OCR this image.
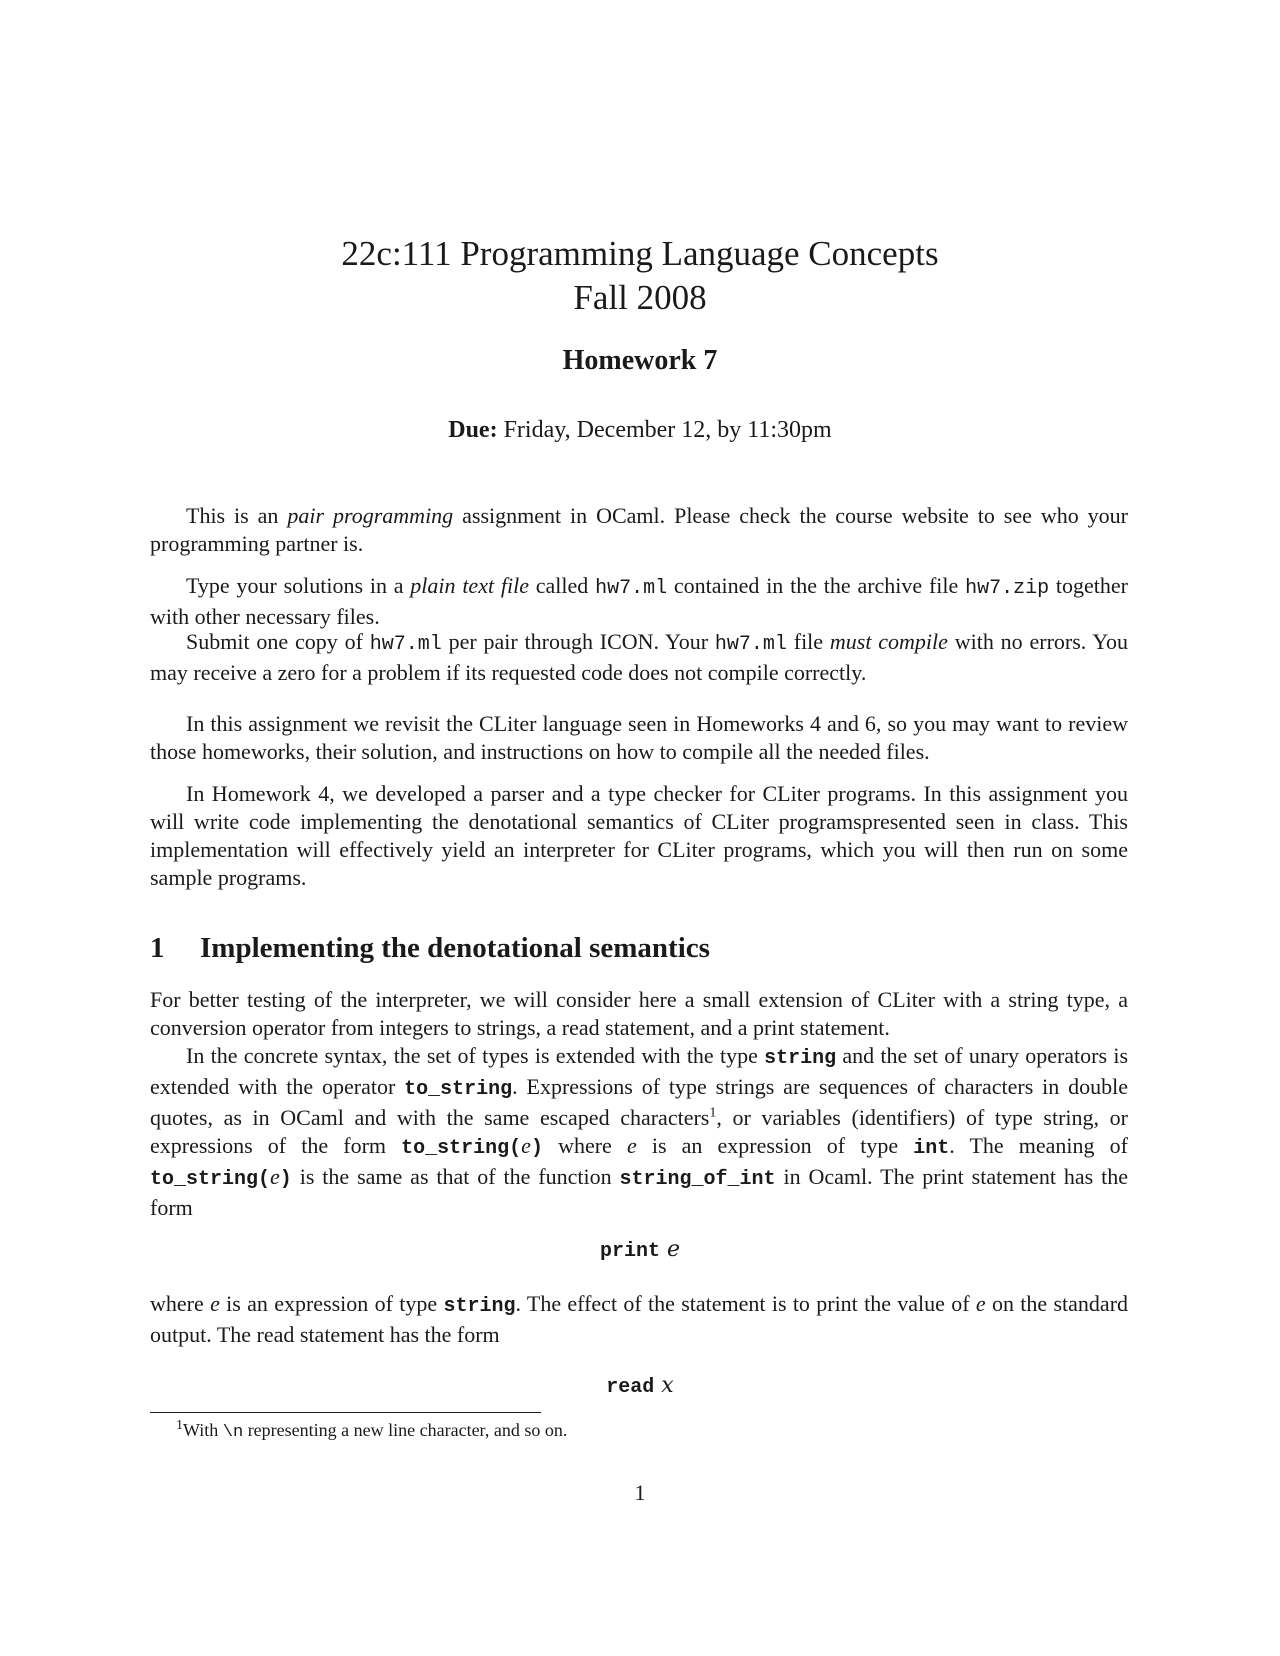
22c:111 Programming Language Concepts
Fall 2008
Homework 7
Due: Friday, December 12, by 11:30pm
This is an pair programming assignment in OCaml. Please check the course website to see who your programming partner is.
Type your solutions in a plain text file called hw7.ml contained in the the archive file hw7.zip together with other necessary files.
Submit one copy of hw7.ml per pair through ICON. Your hw7.ml file must compile with no errors. You may receive a zero for a problem if its requested code does not compile correctly.
In this assignment we revisit the CLiter language seen in Homeworks 4 and 6, so you may want to review those homeworks, their solution, and instructions on how to compile all the needed files.
In Homework 4, we developed a parser and a type checker for CLiter programs. In this assignment you will write code implementing the denotational semantics of CLiter programspresented seen in class. This implementation will effectively yield an interpreter for CLiter programs, which you will then run on some sample programs.
1 Implementing the denotational semantics
For better testing of the interpreter, we will consider here a small extension of CLiter with a string type, a conversion operator from integers to strings, a read statement, and a print statement.
In the concrete syntax, the set of types is extended with the type string and the set of unary operators is extended with the operator to_string. Expressions of type strings are sequences of characters in double quotes, as in OCaml and with the same escaped characters$^1$, or variables (identifiers) of type string, or expressions of the form to_string(e) where e is an expression of type int. The meaning of to_string(e) is the same as that of the function string_of_int in Ocaml. The print statement has the form
print e
where e is an expression of type string. The effect of the statement is to print the value of e on the standard output. The read statement has the form
read x
$^1$With \n representing a new line character, and so on.
1
